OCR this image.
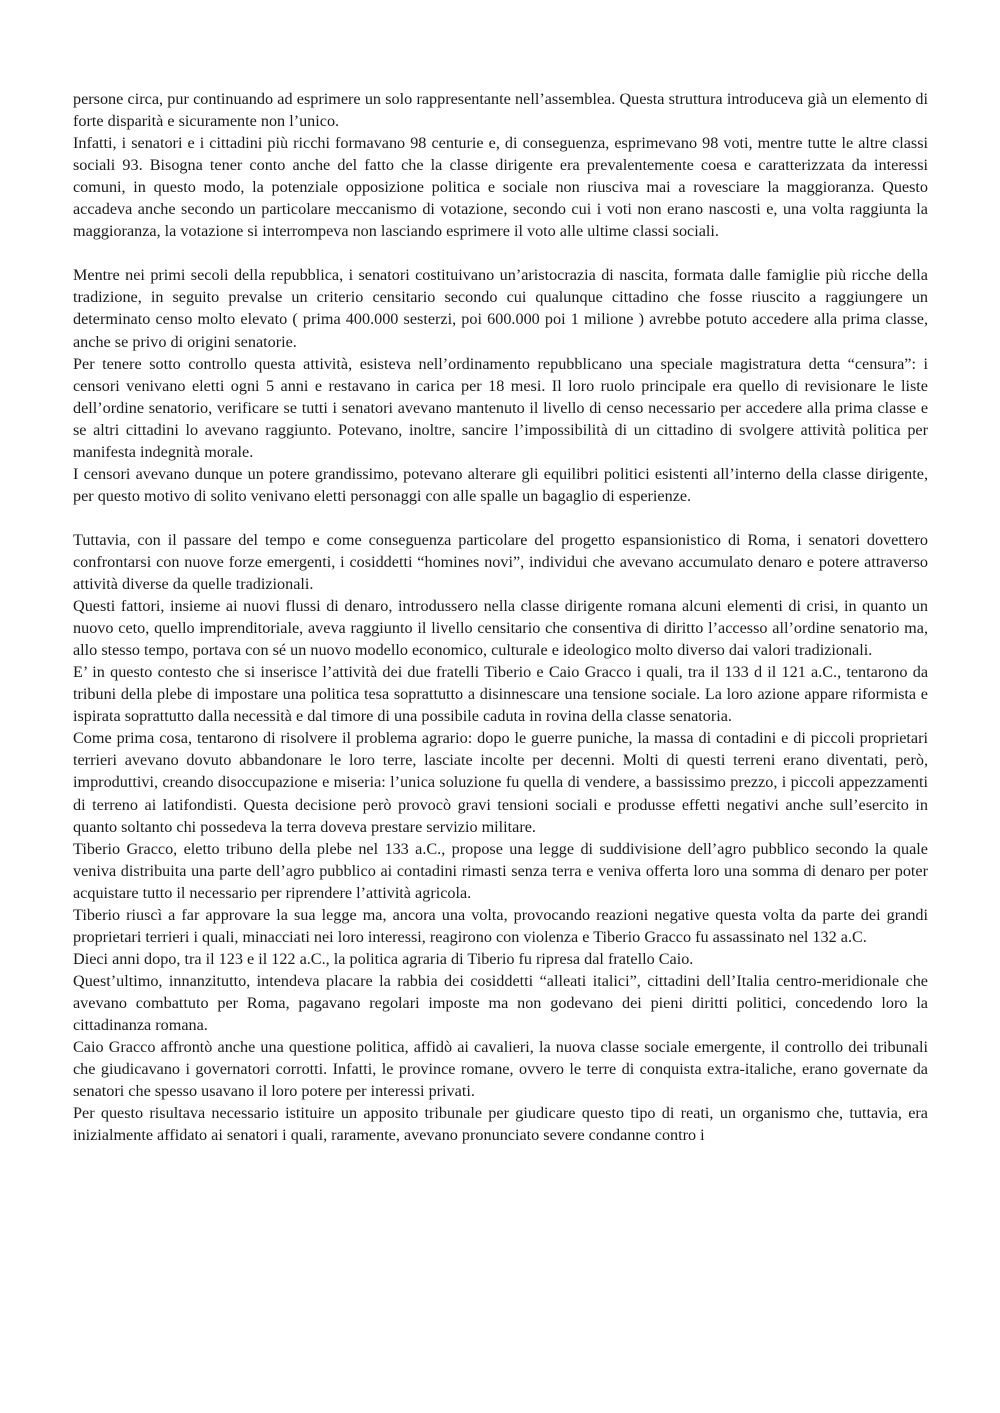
persone circa, pur continuando ad esprimere un solo rappresentante nell’assemblea. Questa struttura introduceva già un elemento di forte disparità e sicuramente non l’unico.

Infatti, i senatori e i cittadini più ricchi formavano 98 centurie e, di conseguenza, esprimevano 98 voti, mentre tutte le altre classi sociali 93. Bisogna tener conto anche del fatto che la classe dirigente era prevalentemente coesa e caratterizzata da interessi comuni, in questo modo, la potenziale opposizione politica e sociale non riusciva mai a rovesciare la maggioranza. Questo accadeva anche secondo un particolare meccanismo di votazione, secondo cui i voti non erano nascosti e, una volta raggiunta la maggioranza, la votazione si interrompeva non lasciando esprimere il voto alle ultime classi sociali.

Mentre nei primi secoli della repubblica, i senatori costituivano un’aristocrazia di nascita, formata dalle famiglie più ricche della tradizione, in seguito prevalse un criterio censitario secondo cui qualunque cittadino che fosse riuscito a raggiungere un determinato censo molto elevato ( prima 400.000 sesterzi, poi 600.000 poi 1 milione ) avrebbe potuto accedere alla prima classe, anche se privo di origini senatorie.

Per tenere sotto controllo questa attività, esisteva nell’ordinamento repubblicano una speciale magistratura detta “censura”: i censori venivano eletti ogni 5 anni e restavano in carica per 18 mesi. Il loro ruolo principale era quello di revisionare le liste dell’ordine senatorio, verificare se tutti i senatori avevano mantenuto il livello di censo necessario per accedere alla prima classe e se altri cittadini lo avevano raggiunto. Potevano, inoltre, sancire l’impossibilità di un cittadino di svolgere attività politica per manifesta indegnità morale.

I censori avevano dunque un potere grandissimo, potevano alterare gli equilibri politici esistenti all’interno della classe dirigente, per questo motivo di solito venivano eletti personaggi con alle spalle un bagaglio di esperienze.

Tuttavia, con il passare del tempo e come conseguenza particolare del progetto espansionistico di Roma, i senatori dovettero confrontarsi con nuove forze emergenti, i cosiddetti “homines novi”, individui che avevano accumulato denaro e potere attraverso attività diverse da quelle tradizionali.

Questi fattori, insieme ai nuovi flussi di denaro, introdussero nella classe dirigente romana alcuni elementi di crisi, in quanto un nuovo ceto, quello imprenditoriale, aveva raggiunto il livello censitario che consentiva di diritto l’accesso all’ordine senatorio ma, allo stesso tempo, portava con sé un nuovo modello economico, culturale e ideologico molto diverso dai valori tradizionali.

E’ in questo contesto che si inserisce l’attività dei due fratelli Tiberio e Caio Gracco i quali, tra il 133 d il 121 a.C., tentarono da tribuni della plebe di impostare una politica tesa soprattutto a disinnescare una tensione sociale. La loro azione appare riformista e ispirata soprattutto dalla necessità e dal timore di una possibile caduta in rovina della classe senatoria.

Come prima cosa, tentarono di risolvere il problema agrario: dopo le guerre puniche, la massa di contadini e di piccoli proprietari terrieri avevano dovuto abbandonare le loro terre, lasciate incolte per decenni. Molti di questi terreni erano diventati, però, improduttivi, creando disoccupazione e miseria: l’unica soluzione fu quella di vendere, a bassissimo prezzo, i piccoli appezzamenti di terreno ai latifondisti. Questa decisione però provocò gravi tensioni sociali e produsse effetti negativi anche sull’esercito in quanto soltanto chi possedeva la terra doveva prestare servizio militare.

Tiberio Gracco, eletto tribuno della plebe nel 133 a.C., propose una legge di suddivisione dell’agro pubblico secondo la quale veniva distribuita una parte dell’agro pubblico ai contadini rimasti senza terra e veniva offerta loro una somma di denaro per poter acquistare tutto il necessario per riprendere l’attività agricola.

Tiberio riuscì a far approvare la sua legge ma, ancora una volta, provocando reazioni negative questa volta da parte dei grandi proprietari terrieri i quali, minacciati nei loro interessi, reagirono con violenza e Tiberio Gracco fu assassinato nel 132 a.C.

Dieci anni dopo, tra il 123 e il 122 a.C., la politica agraria di Tiberio fu ripresa dal fratello Caio.

Quest’ultimo, innanzitutto, intendeva placare la rabbia dei cosiddetti “alleati italici”, cittadini dell’Italia centro-meridionale che avevano combattuto per Roma, pagavano regolari imposte ma non godevano dei pieni diritti politici, concedendo loro la cittadinanza romana.

Caio Gracco affrontò anche una questione politica, affidò ai cavalieri, la nuova classe sociale emergente, il controllo dei tribunali che giudicavano i governatori corrotti. Infatti, le province romane, ovvero le terre di conquista extra-italiche, erano governate da senatori che spesso usavano il loro potere per interessi privati.

Per questo risultava necessario istituire un apposito tribunale per giudicare questo tipo di reati, un organismo che, tuttavia, era inizialmente affidato ai senatori i quali, raramente, avevano pronunciato severe condanne contro i
